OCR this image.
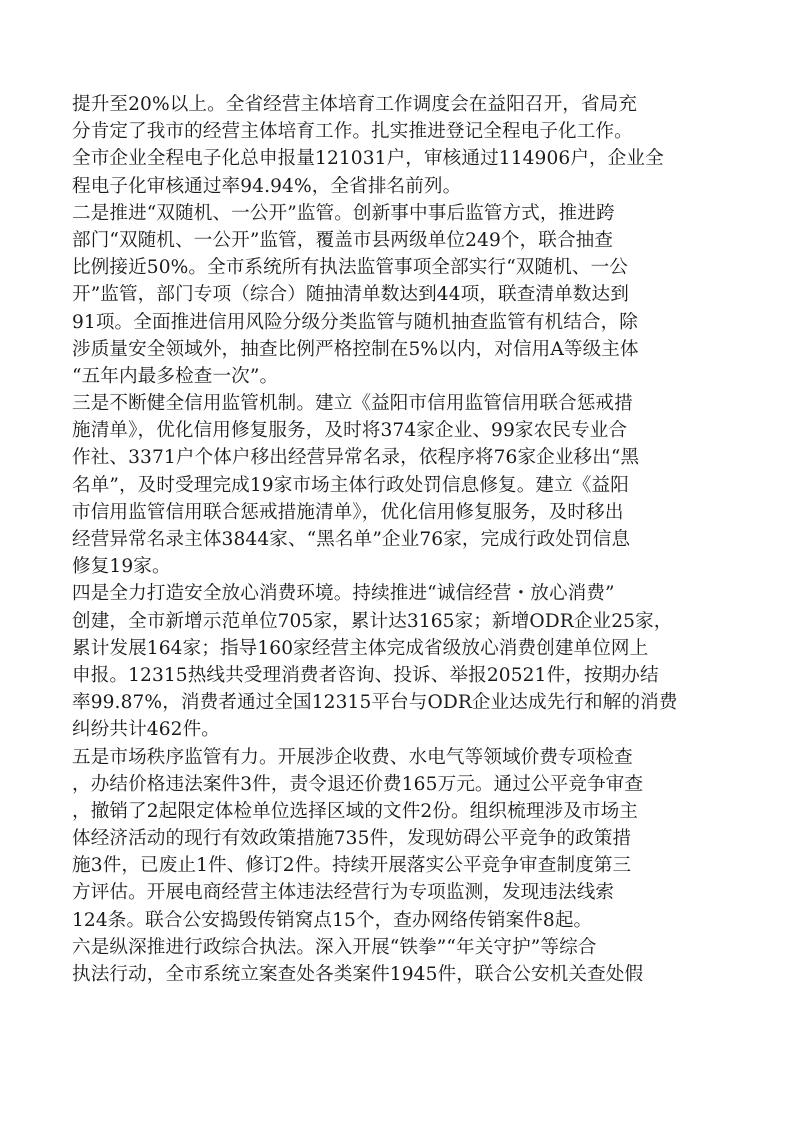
提升至20%以上。全省经营主体培育工作调度会在益阳召开，省局充
分肯定了我市的经营主体培育工作。扎实推进登记全程电子化工作。
全市企业全程电子化总申报量121031户，审核通过114906户，企业全
程电子化审核通过率94.94%，全省排名前列。
二是推进“双随机、一公开”监管。创新事中事后监管方式，推进跨
部门“双随机、一公开”监管，覆盖市县两级单位249个，联合抽查
比例接近50%。全市系统所有执法监管事项全部实行“双随机、一公
开”监管，部门专项（综合）随抽清单数达到44项，联查清单数达到
91项。全面推进信用风险分级分类监管与随机抽查监管有机结合，除
涉质量安全领域外，抽查比例严格控制在5%以内，对信用A等级主体
“五年内最多检查一次”。
三是不断健全信用监管机制。建立《益阳市信用监管信用联合惩戒措
施清单》，优化信用修复服务，及时将374家企业、99家农民专业合
作社、3371户个体户移出经营异常名录，依程序将76家企业移出“黑
名单”，及时受理完成19家市场主体行政处罚信息修复。建立《益阳
市信用监管信用联合惩戒措施清单》，优化信用修复服务，及时移出
经营异常名录主体3844家、“黑名单”企业76家，完成行政处罚信息
修复19家。
四是全力打造安全放心消费环境。持续推进“诚信经营・放心消费”
创建，全市新增示范单位705家，累计达3165家；新增ODR企业25家，
累计发展164家；指导160家经营主体完成省级放心消费创建单位网上
申报。12315热线共受理消费者咨询、投诉、举报20521件，按期办结
率99.87%，消费者通过全国12315平台与ODR企业达成先行和解的消费
纠纷共计462件。
五是市场秩序监管有力。开展涉企收费、水电气等领域价费专项检查
，办结价格违法案件3件，责令退还价费165万元。通过公平竞争审查
，撤销了2起限定体检单位选择区域的文件2份。组织梳理涉及市场主
体经济活动的现行有效政策措施735件，发现妨碍公平竞争的政策措
施3件，已废止1件、修订2件。持续开展落实公平竞争审查制度第三
方评估。开展电商经营主体违法经营行为专项监测，发现违法线索
124条。联合公安捣毁传销窝点15个，查办网络传销案件8起。
六是纵深推进行政综合执法。深入开展“铁拳”“年关守护”等综合
执法行动，全市系统立案查处各类案件1945件，联合公安机关查处假
